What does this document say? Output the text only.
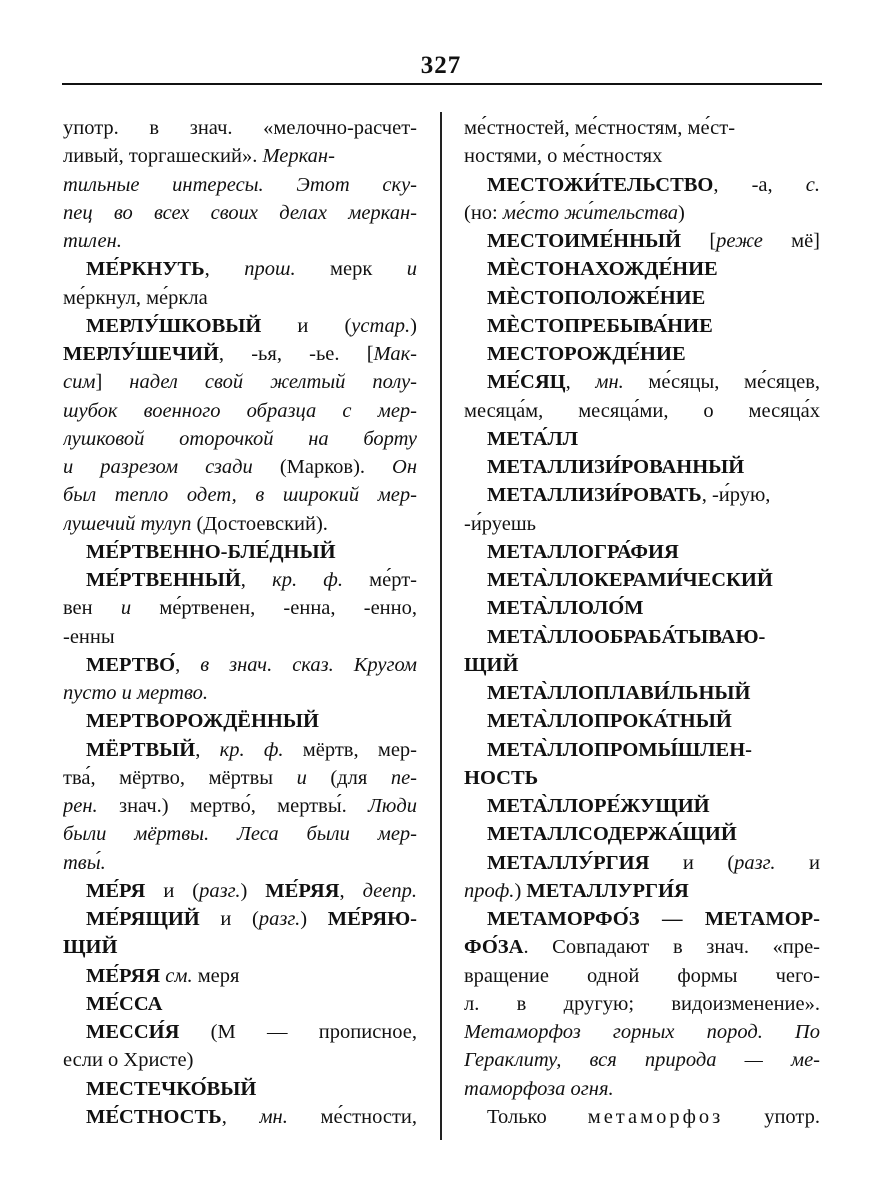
327
употр. в знач. «мелочно-расчет-
ливый, торгашеский». Меркан-
тильные интересы. Этот ску-
пец во всех своих делах меркан-
тилен.
МЕ́РКНУТЬ, прош. мерк и
ме́ркнул, ме́ркла
МЕРЛУ́ШКОВЫЙ и (устар.)
МЕРЛУ́ШЕЧИЙ, -ья, -ье. [Мак-
сим] надел свой желтый полу-
шубок военного образца с мер-
лушковой оторочкой на борту
и разрезом сзади (Марков). Он
был тепло одет, в широкий мер-
лушечий тулуп (Достоевский).
МЕ́РТВЕННО-БЛЕ́ДНЫЙ
МЕ́РТВЕННЫЙ, кр. ф. ме́рт-
вен и ме́ртвенен, -енна, -енно,
-енны
МЕРТВО́, в знач. сказ. Кругом
пусто и мертво.
МЕРТВОРОЖДЁННЫЙ
МЁРТВЫЙ, кр. ф. мёртв, мер-
тва́, мёртво, мёртвы и (для пе-
рен. знач.) мертво́, мертвы́. Люди
были мёртвы. Леса были мер-
твы́.
МЕ́РЯ и (разг.) МЕ́РЯЯ, деепр.
МЕ́РЯЩИЙ и (разг.) МЕ́РЯЮ-
ЩИЙ
МЕ́РЯЯ см. меря
МЕ́ССА
МЕССИ́Я (М — прописное,
если о Христе)
МЕСТЕЧКО́ВЫЙ
МЕ́СТНОСТЬ, мн. ме́стности,
ме́стностей, ме́стностям, ме́ст-
ностями, о ме́стностях
МЕСТОЖИ́ТЕЛЬСТВО, -а, с.
(но: ме́сто жи́тельства)
МЕСТОИМЕ́ННЫЙ [реже мё]
МЀСТОНАХОЖДЕ́НИЕ
МЀСТОПОЛОЖЕ́НИЕ
МЀСТОПРЕБЫВА́НИЕ
МЕСТОРОЖДЕ́НИЕ
МЕ́СЯЦ, мн. ме́сяцы, ме́сяцев,
месяца́м, месяца́ми, о месяца́х
МЕТА́ЛЛ
МЕТАЛЛИЗИ́РОВАННЫЙ
МЕТАЛЛИЗИ́РОВАТЬ, -и́рую,
-и́руешь
МЕТАЛЛОГРА́ФИЯ
МЕТА̀ЛЛОКЕРАМИ́ЧЕСКИЙ
МЕТА̀ЛЛОЛО́М
МЕТА̀ЛЛООБРАБА́ТЫВАЮ-
ЩИЙ
МЕТА̀ЛЛОПЛАВИ́ЛЬНЫЙ
МЕТА̀ЛЛОПРОКА́ТНЫЙ
МЕТА̀ЛЛОПРОМЫ́ШЛЕН-
НОСТЬ
МЕТА̀ЛЛОРЕ́ЖУЩИЙ
МЕТАЛЛСОДЕРЖА́ЩИЙ
МЕТАЛЛУ́РГИЯ и (разг. и
проф.) МЕТАЛЛУРГИ́Я
МЕТАМОРФО́З — МЕТАМОР-
ФО́ЗА. Совпадают в знач. «пре-
вращение одной формы чего-
л. в другую; видоизменение».
Метаморфоз горных пород. По
Гераклиту, вся природа — ме-
таморфоза огня.
Только метаморфоз употр.
